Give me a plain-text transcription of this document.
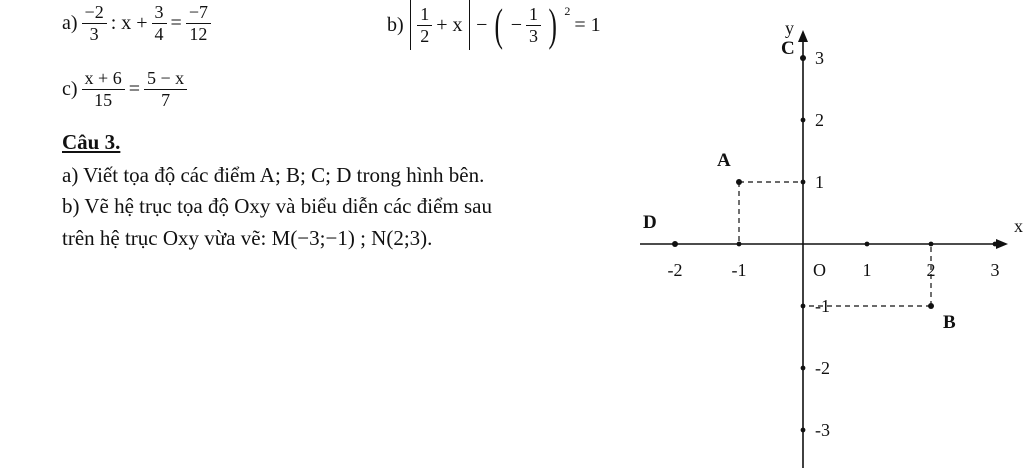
$a) \frac{-2}{3}$ : $x + \frac{3}{4} = \frac{-7}{12}$	$b) \frac{1}{2} + x$ − ( − $\frac{1}{3}$ ) 2
= 1
$c) \frac{x + 6}{15} = \frac{5 - x}{7}$
Câu 3.
a) Viết tọa độ các điểm A; B; C; D trong hình bên.
b) Vẽ hệ trục tọa độ Oxy và biểu diễn các điểm sau
trên hệ trục Oxy vừa vẽ: M(−3;−1) ; N(2;3).	x
y
O
-2	-1	1	2	3
3
2
1
-1
-2
-3
A
B
C
D
